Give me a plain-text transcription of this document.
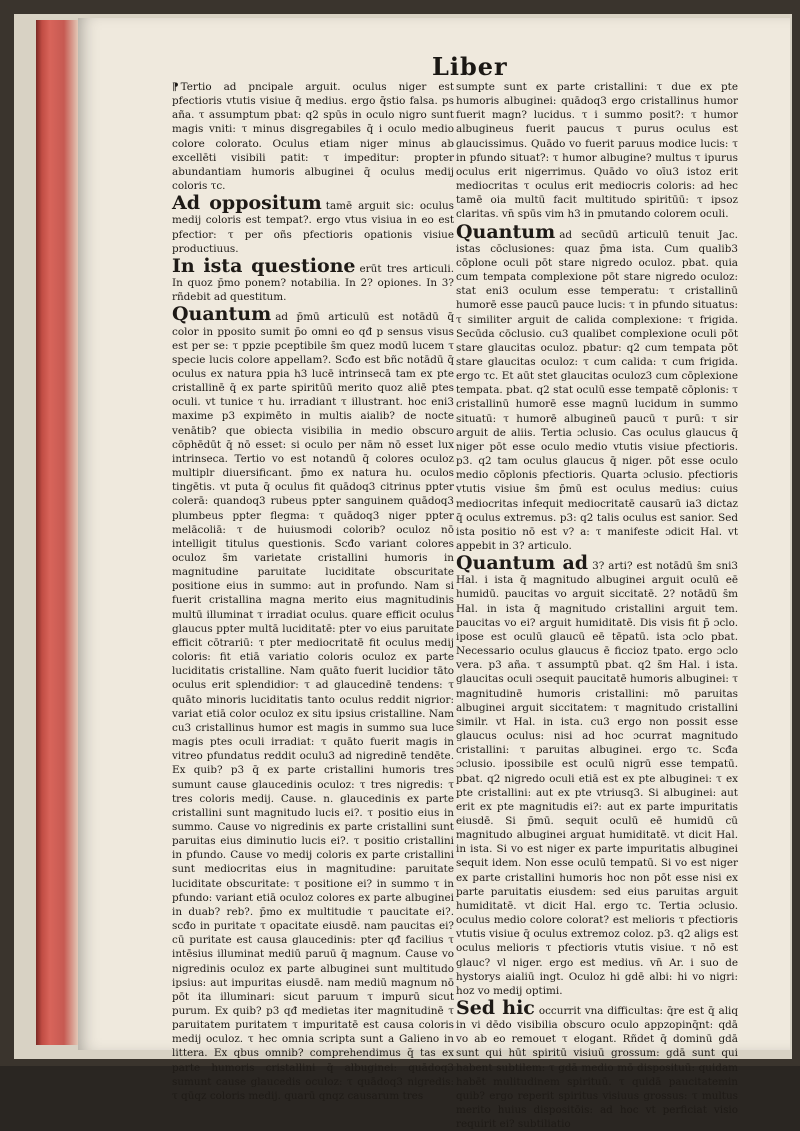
Liber

⁋ Tertio ad pncipale arguit. oculus niger est pfectioris vtutis visiue q̄ medius. ergo q̄stio falsa. ps aña. τ assumptum pbat: q2 spūs in oculo nigro sunt magis vniti: τ minus disgregabiles q̄ i oculo medio colore colorato. Oculus etiam niger minus ab excellēti visibili patit: τ impeditur: propter abundantiam humoris albuginei q̄ oculus medij coloris τc.

Ad oppositum tamē arguit sic: oculus medij coloris est tempat?. ergo vtus visiua in eo est pfectior: τ per oñs pfectioris opationis visiue productiuus.

In ista questione erūt tres articuli. In quoz p̄mo ponem? notabilia. In 2? opiones. In 3? rñdebit ad questitum.

Quantum ad p̄mū articulū est notādū q̄ color in pposito sumit p̄o omni eo qđ p sensus visus est per se: τ ppzie pceptibile s̄m quez modū lucem τ specie lucis colore appellam?. Scđo est bñc notādū q̄ oculus ex natura ppia h3 lucē intrinsecā tam ex pte cristallinē q̄ ex parte spiritūū merito quoz aliē ptes oculi. vt tunice τ hu. irradiant τ illustrant. hoc eni3 maxime p3 expimēto in multis aialib? de nocte venātib? que obiecta visibilia in medio obscuro cōphēdūt q̄ nō esset: si oculo per nām nō esset lux intrinseca. Tertio vo est notandū q̄ colores oculoz multiplr diuersificant. p̄mo ex natura hu. oculos tingētis. vt puta q̄ oculus fit quādoq3 citrinus ppter colerā: quandoq3 rubeus ppter sanguinem quādoq3 plumbeus ppter flegma: τ quādoq3 niger ppter melācoliā: τ de huiusmodi colorib? oculoz nō intelligit titulus questionis. Scđo variant colores oculoz s̄m varietate cristallini humoris in magnitudine paruitate luciditate obscuritate positione eius in summo: aut in profundo. Nam si fuerit cristallina magna merito eius magnitudinis multū illuminat τ irradiat oculus. quare efficit oculus glaucus ppter multā luciditatē: pter vo eius paruitate efficit cōtrariū: τ pter mediocritatē fit oculus medij coloris: fit etiā variatio coloris oculoz ex parte luciditatis cristalline. Nam quāto fuerit lucidior tāto oculus erit splendidior: τ ad glaucedinē tendens: τ quāto minoris luciditatis tanto oculus reddit nigrior: variat etiā color oculoz ex situ ipsius cristalline. Nam cu3 cristallinus humor est magis in summo sua luce magis ptes oculi irradiat: τ quāto fuerit magis in vitreo pfundatus reddit oculu3 ad nigredinē tendēte. Ex quib? p3 q̄ ex parte cristallini humoris tres sumunt cause glaucedinis oculoz: τ tres nigredis: τ tres coloris medij. Cause. n. glaucedinis ex parte cristallini sunt magnitudo lucis ei?. τ positio eius in summo. Cause vo nigredinis ex parte cristallini sunt paruitas eius diminutio lucis ei?. τ positio cristallini in pfundo. Cause vo medij coloris ex parte cristallini sunt mediocritas eius in magnitudine: paruitate luciditate obscuritate: τ positione ei? in summo τ in pfundo: variant etiā oculoz colores ex parte albuginei in duab? reb?. p̄mo ex multitudie τ paucitate ei?. scđo in puritate τ opacitate eiusdē. nam paucitas ei? cū puritate est causa glaucedinis: pter qđ facilius τ intēsius illuminat mediū paruū q̄ magnum. Cause vo nigredinis oculoz ex parte albuginei sunt multitudo ipsius: aut impuritas eiusdē. nam mediū magnum nō pōt ita illuminari: sicut paruum τ impurū sicut purum. Ex quib? p3 qđ medietas iter magnitudinē τ paruitatem puritatem τ impuritatē est causa coloris medij oculoz. τ hec omnia scripta sunt a Galieno in littera. Ex qbus omnib? comprehendimus q̄ tas ex parte humoris cristallini q̄ albuginei: quādoq3 sumunt cause glaucedis oculoz: τ quādoq3 nigredis: τ qūqz coloris medij. quarū qnqz causarum tres

sumpte sunt ex parte cristallini: τ due ex pte humoris albuginei: quādoq3 ergo cristallinus humor fuerit magn? lucidus. τ i summo posit?: τ humor albugineus fuerit paucus τ purus oculus est glaucissimus. Quādo vo fuerit paruus modice lucis: τ in pfundo situat?: τ humor albugine? multus τ ipurus oculus erit nigerrimus. Quādo vo oīu3 istoz erit mediocritas τ oculus erit mediocris coloris: ad hec tamē oia multū facit multitudo spiritūū: τ ipsoz claritas. vn̄ spūs vim h3 in pmutando colorem oculi.

Quantum ad secūdū articulū tenuit Jac. istas cōclusiones: quaz p̄ma ista. Cum qualib3 cōplone oculi pōt stare nigredo oculoz. pbat. quia cum tempata complexione pōt stare nigredo oculoz: stat eni3 oculum esse temperatu: τ cristallinū humorē esse paucū pauce lucis: τ in pfundo situatus: τ similiter arguit de calida complexione: τ frigida. Secūda cōclusio. cu3 qualibet complexione oculi pōt stare glaucitas oculoz. pbatur: q2 cum tempata pōt stare glaucitas oculoz: τ cum calida: τ cum frigida. ergo τc. Et aūt stet glaucitas oculoz3 cum cōplexione tempata. pbat. q2 stat oculū esse tempatē cōplonis: τ cristallinū humorē esse magnū lucidum in summo situatū: τ humorē albugineū paucū τ purū: τ sir arguit de aliis. Tertia ɔclusio. Cas oculus glaucus q̄ niger pōt esse oculo medio vtutis visiue pfectioris. p3. q2 tam oculus glaucus q̄ niger. pōt esse oculo medio cōplonis pfectioris. Quarta ɔclusio. pfectioris vtutis visiue s̄m p̄mū est oculus medius: cuius mediocritas infequit mediocritatē causarū ia3 dictaz q̄ oculus extremus. p3: q2 talis oculus est sanior. Sed ista positio nō est v? a: τ manifeste ɔdicit Hal. vt appebit in 3? articulo.

Quantum ad 3? arti? est notādū s̄m sni3 Hal. i ista q̄ magnitudo albuginei arguit oculū eē humidū. paucitas vo arguit siccitatē. 2? notādū s̄m Hal. in ista q̄ magnitudo cristallini arguit tem. paucitas vo ei? arguit humiditatē. Dis visis fit p̄ ɔclo. ipose est oculū glaucū eē tēpatū. ista ɔclo pbat. Necessario oculus glaucus ē ficcioz tpato. ergo ɔclo vera. p3 aña. τ assumptū pbat. q2 s̄m Hal. i ista. glaucitas oculi ɔsequit paucitatē humoris albuginei: τ magnitudinē humoris cristallini: mō paruitas albuginei arguit siccitatem: τ magnitudo cristallini similr. vt Hal. in ista. cu3 ergo non possit esse glaucus oculus: nisi ad hoc ɔcurrat magnitudo cristallini: τ paruitas albuginei. ergo τc. Scđa ɔclusio. ipossibile est oculū nigrū esse tempatū. pbat. q2 nigredo oculi etiā est ex pte albuginei: τ ex pte cristallini: aut ex pte vtriusq3. Si albuginei: aut erit ex pte magnitudis ei?: aut ex parte impuritatis eiusdē. Si p̄mū. sequit oculū eē humidū cū magnitudo albuginei arguat humiditatē. vt dicit Hal. in ista. Si vo est niger ex parte impuritatis albuginei sequit idem. Non esse oculū tempatū. Si vo est niger ex parte cristallini humoris hoc non pōt esse nisi ex parte paruitatis eiusdem: sed eius paruitas arguit humiditatē. vt dicit Hal. ergo τc. Tertia ɔclusio. oculus medio colore colorat? est melioris τ pfectioris vtutis visiue q̄ oculus extremoz coloz. p3. q2 aligs est oculus melioris τ pfectioris vtutis visiue. τ nō est glauc? vl niger. ergo est medius. vn̄ Ar. i suo de hystorys aialiū ingt. Oculoz hi gdē albi: hi vo nigri: hoz vo medij optimi.

Sed hic occurrit vna difficultas: q̄re est q̄ aliq in vi dēdo visibilia obscuro oculo appzopinq̄nt: qdā vo ab eo remouet τ elogant. Rñdet q̄ dominū gdā sunt qui hūt spiritū visiuū grossum: gdā sunt qui habent subtilem: τ gdā medio mō disposituū: quidam habēt mulitudinem spirituū. τ quidā paucitatemin quib? ergo reperit spiritus visiuus grossus: τ multus merito huius dispositōis: ad hoc vt perficiat visio requirit ei? subtiliatio
